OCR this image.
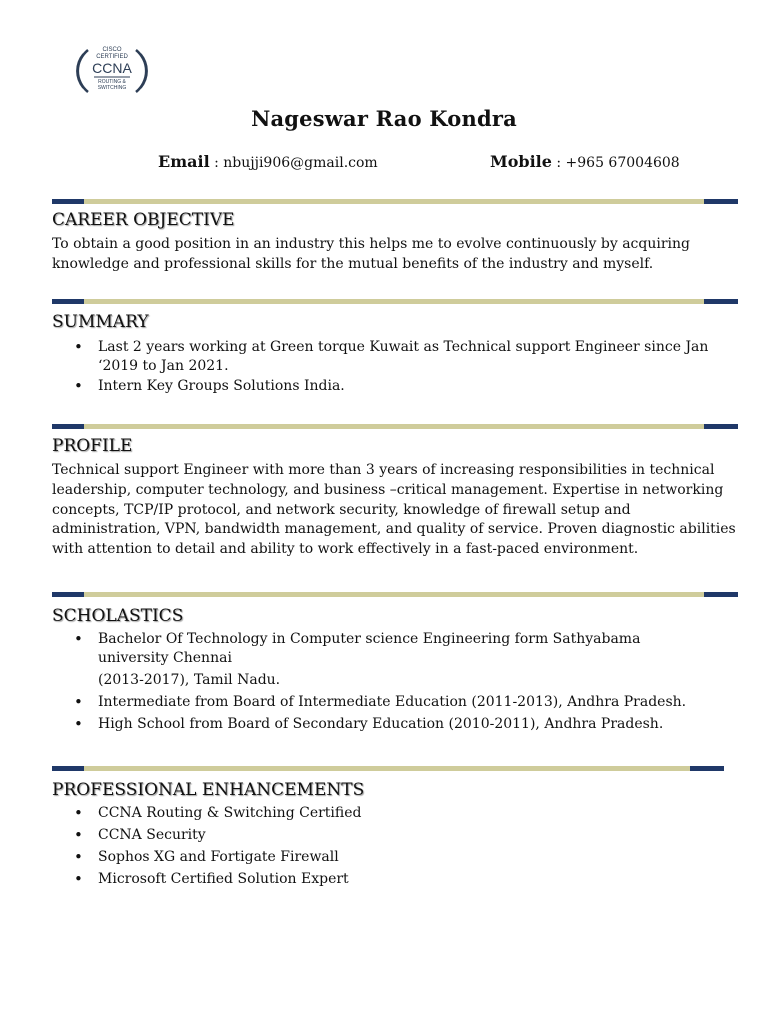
CISCO
CERTIFIED
CCNA
ROUTING &
SWITCHING
Nageswar Rao Kondra
Email : nbujji906@gmail.com	Mobile : +965 67004608
CAREER OBJECTIVE
To obtain a good position in an industry this helps me to evolve continuously by acquiring knowledge and professional skills for the mutual benefits of the industry and myself.
SUMMARY
• Last 2 years working at Green torque Kuwait as Technical support Engineer since Jan ‘2019 to Jan 2021.
• Intern Key Groups Solutions India.
PROFILE
Technical support Engineer with more than 3 years of increasing responsibilities in technical leadership, computer technology, and business –critical management. Expertise in networking concepts, TCP/IP protocol, and network security, knowledge of firewall setup and administration, VPN, bandwidth management, and quality of service. Proven diagnostic abilities with attention to detail and ability to work effectively in a fast-paced environment.
SCHOLASTICS
• Bachelor Of Technology in Computer science Engineering form Sathyabama university Chennai
(2013-2017), Tamil Nadu.
• Intermediate from Board of Intermediate Education (2011-2013), Andhra Pradesh.
• High School from Board of Secondary Education (2010-2011), Andhra Pradesh.
PROFESSIONAL ENHANCEMENTS
• CCNA Routing & Switching Certified
• CCNA Security
• Sophos XG and Fortigate Firewall
• Microsoft Certified Solution Expert
